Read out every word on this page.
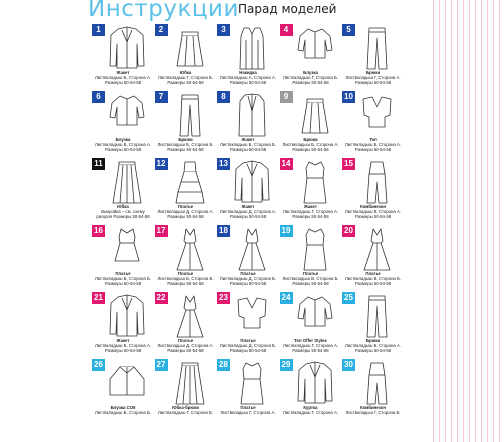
Инструкции Парад моделей
1
Жакет
Листвкладыш Б, Сторона А.
Размеры 50-54-58
2
Юбка
Листвкладыш Г, Сторона Б.
Размеры 50-54-58
3
Накидка
Листвкладыш А, Сторона А.
Размеры 50-54-58
4
Блузка
Листвкладыш Г, Сторона Б.
Размеры 50-54-58
5
Брюки
Листвкладыш Г, Сторона А.
Размеры 50-54-58
6
Блузка
Листвкладыш Б, Сторона А.
Размеры 50-54-58
7
Брюки
Листвкладыш Б, Сторона Б.
Размеры 50-54-58
8
Жакет
Листвкладыш Б, Сторона Б.
Размеры 50-54-58
9
Брюки
Листвкладыш Б, Сторона А.
Размеры 50-54-58
10
Топ
Листвкладыш Б, Сторона А.
Размеры 50-54-58
11
Юбка
Выкройка – см. схему
раскроя Размеры 50-54-58
12
Платье
Листвкладыш Д, Сторона А.
Размеры 50-54-58
13
Жакет
Листвкладыш Д, Сторона А.
Размеры 50-54-58
14
Жакет
Листвкладыш Г, Сторона А.
Размеры 50-54-58
15
Комбинезон
Листвкладыш В, Сторона А.
Размеры 50-54-58
16
Платье
Листвкладыш Б, Сторона Б.
Размеры 50-54-58
17
Платье
Листвкладыш Б, Сторона Б.
Размеры 50-54-58
18
Платье
Листвкладыш Д, Сторона Б.
Размеры 50-54-58
19
Платье
Листвкладыш В, Сторона Б.
Размеры 50-54-58
20
Платье
Листвкладыш В, Сторона Б.
Размеры 50-54-58
21
Жакет
Листвкладыш Б, Сторона А.
Размеры 50-54-58
22
Платье
Листвкладыш Д, Сторона А.
Размеры 50-54-58
23
Платье
Листвкладыш Д, Сторона Б.
Размеры 50-54-58
24
Топ Offer Styles
Листвкладыш Г, Сторона А.
Размеры 50-54-58
25
Брюки
Листвкладыш Б, Сторона А.
Размеры 50-54-58
26
Блузка CO5
Листвкладыш Б, Сторона Б.
27
Юбка-брюки
Листвкладыш Г, Сторона Б.
28
Платье
Листвкладыш Г, Сторона А.
29
Куртка
Листвкладыш Г, Сторона А.
30
Комбинезон
Листвкладыш Г, Сторона Б.
